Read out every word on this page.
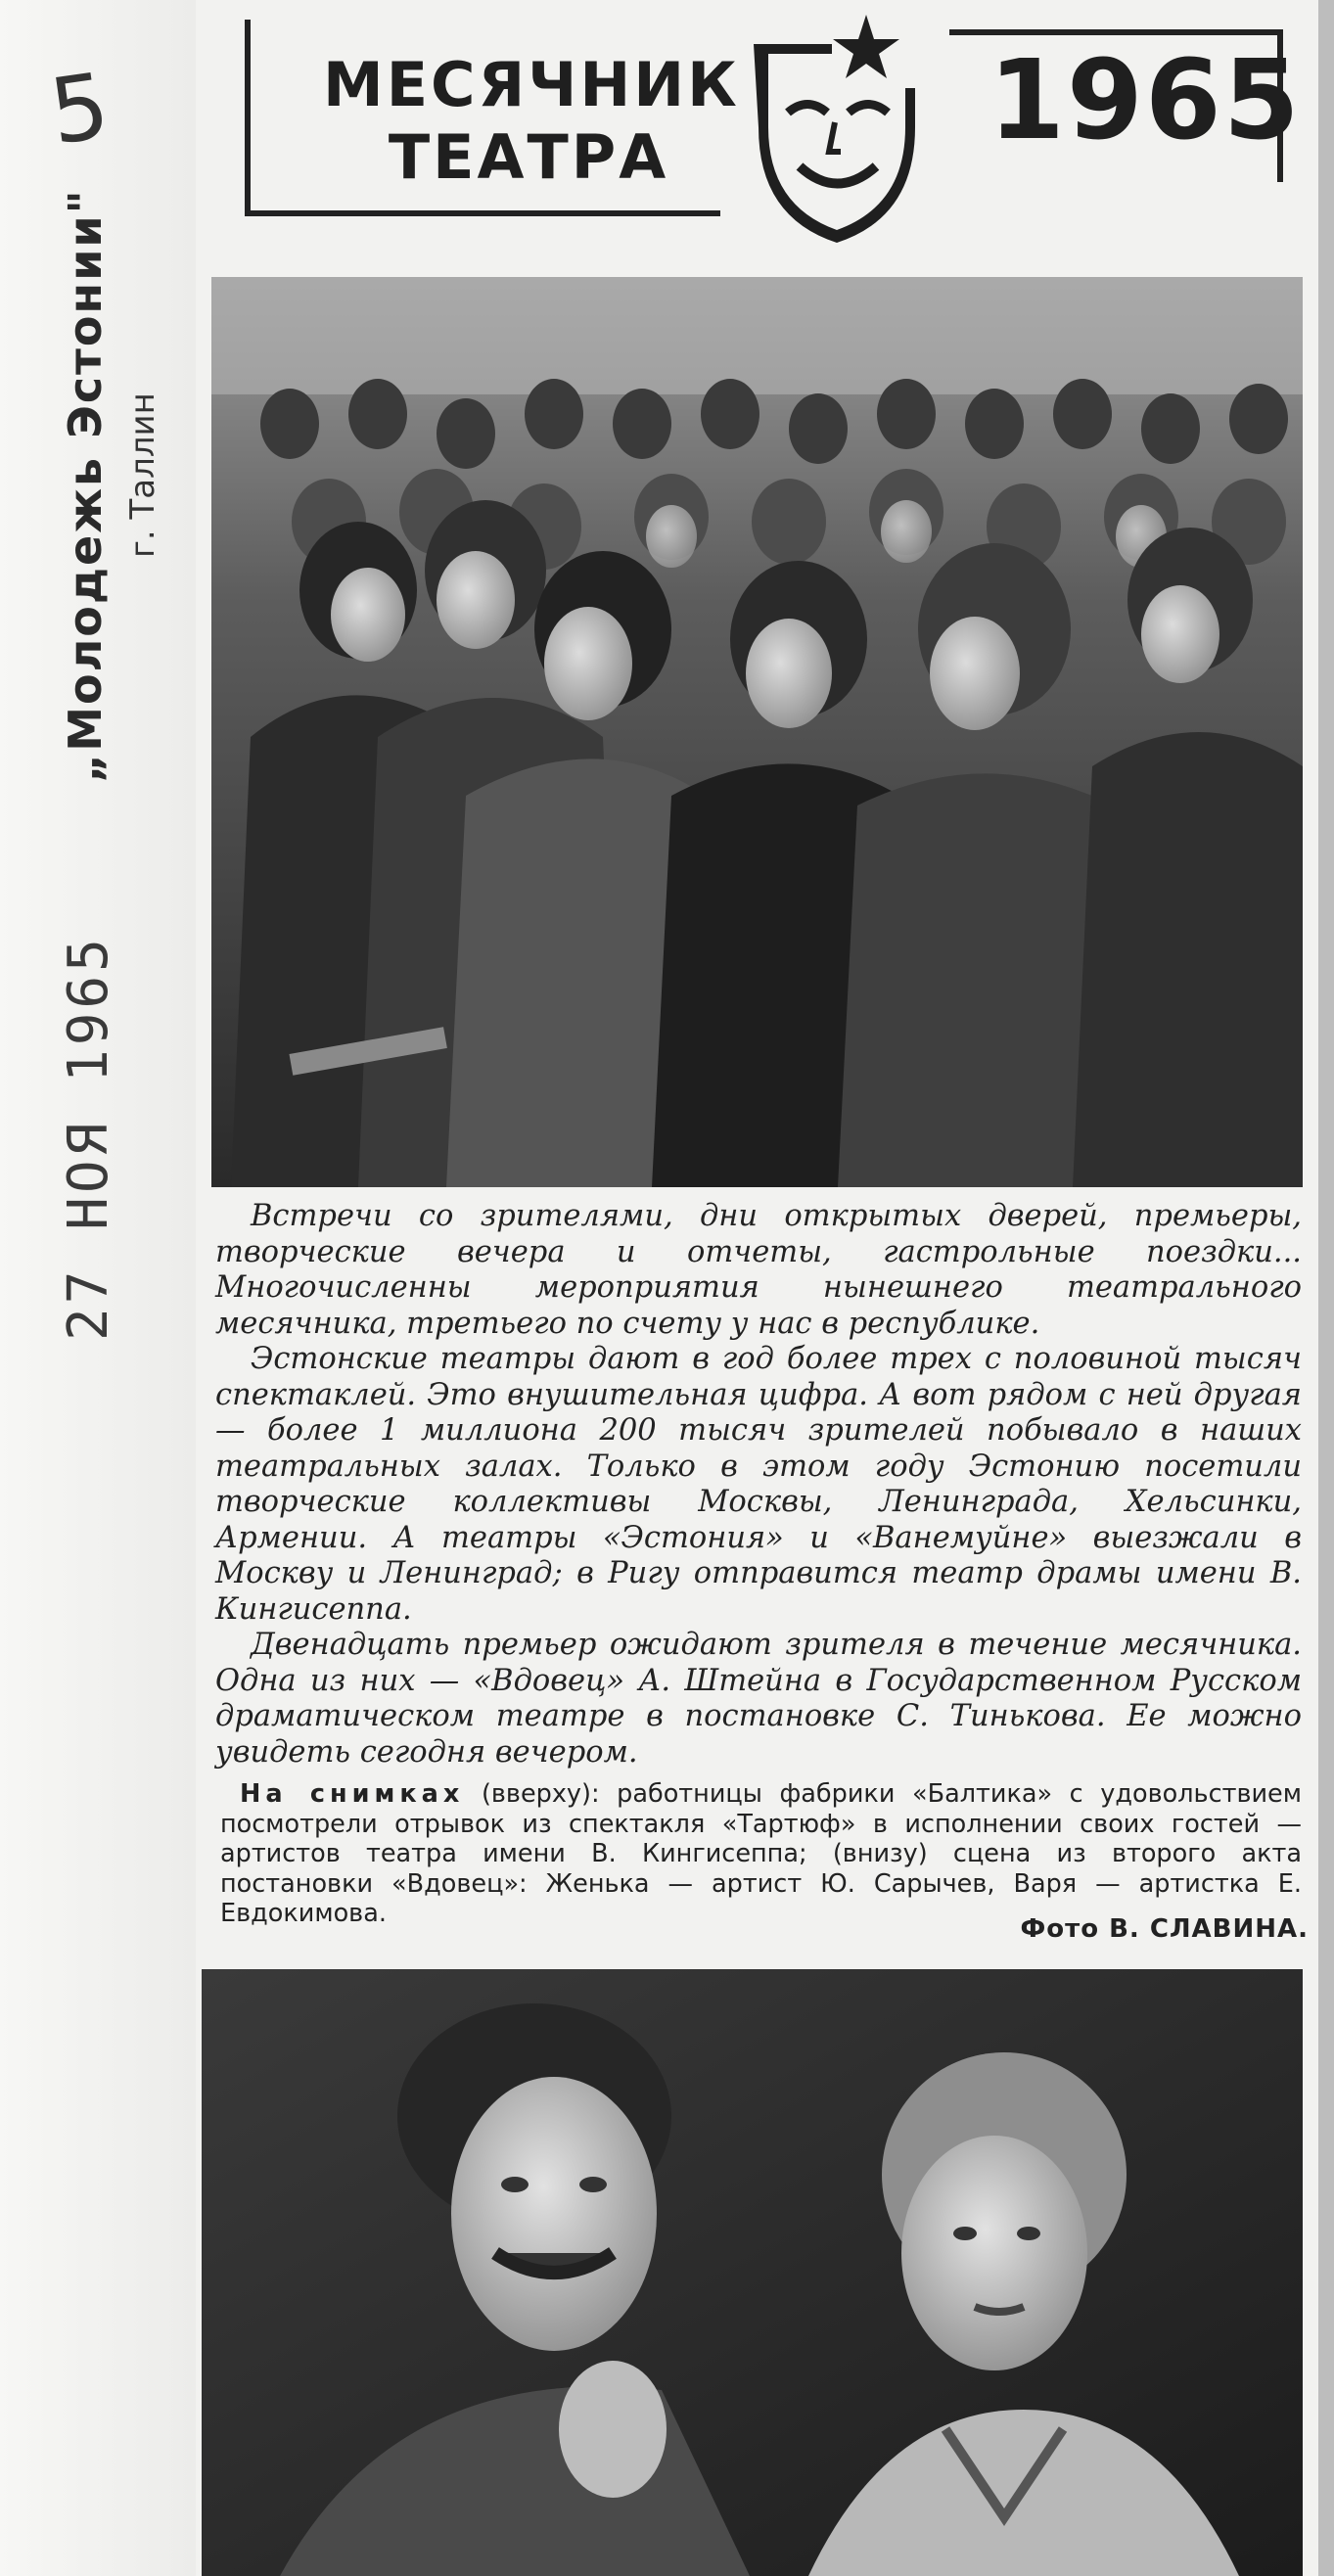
5
„Молодежь Эстонии" г. Таллин
27 НОЯ 1965
МЕСЯЧНИК
ТЕАТРА	1965

Встречи со зрителями, дни открытых дверей, премьеры, творческие вечера и отчеты, гастрольные поездки... Многочисленны мероприятия нынешнего театрального месячника, третьего по счету у нас в республике.

Эстонские театры дают в год более трех с половиной тысяч спектаклей. Это внушительная цифра. А вот рядом с ней другая — более 1 миллиона 200 тысяч зрителей побывало в наших театральных залах. Только в этом году Эстонию посетили творческие коллективы Москвы, Ленинграда, Хельсинки, Армении. А театры «Эстония» и «Ванемуйне» выезжали в Москву и Ленинград; в Ригу отправится театр драмы имени В. Кингисеппа.

Двенадцать премьер ожидают зрителя в течение месячника. Одна из них — «Вдовец» А. Штейна в Государственном Русском драматическом театре в постановке С. Тинькова. Ее можно увидеть сегодня вечером.

На снимках (вверху): работницы фабрики «Балтика» с удовольствием посмотрели отрывок из спектакля «Тартюф» в исполнении своих гостей — артистов театра имени В. Кингисеппа; (внизу) сцена из второго акта постановки «Вдовец»: Женька — артист Ю. Сарычев, Варя — артистка Е. Евдокимова.

Фото В. СЛАВИНА.
